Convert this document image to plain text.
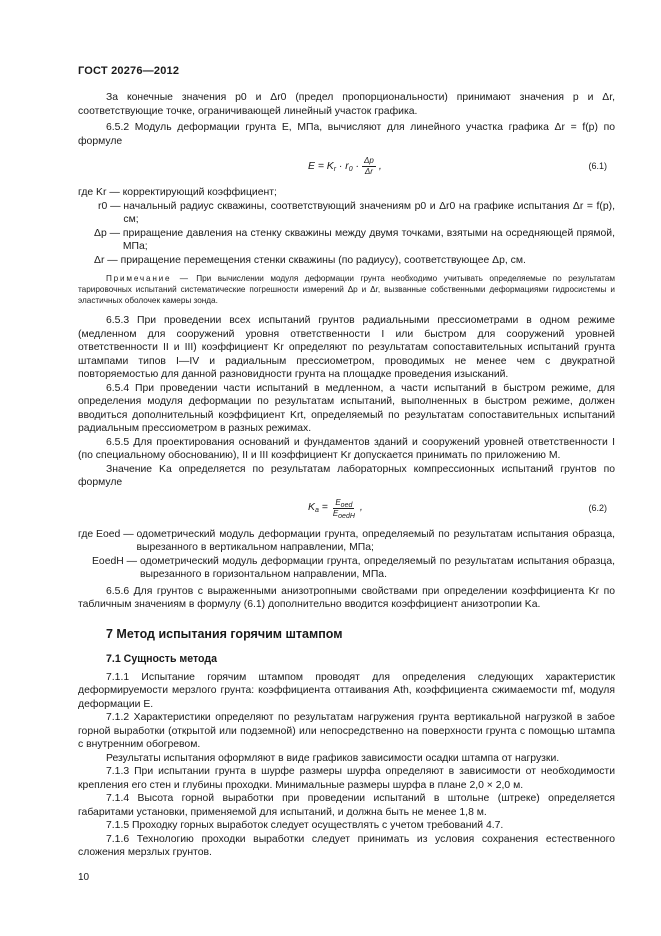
ГОСТ 20276—2012

За конечные значения p0 и Δr0 (предел пропорциональности) принимают значения p и Δr, соответствующие точке, ограничивающей линейный участок графика.

6.5.2 Модуль деформации грунта E, МПа, вычисляют для линейного участка графика Δr = f(p) по формуле

$E = K_r \cdot r_0 \cdot \frac{\Delta p}{\Delta r}$ ,	(6.1)
где Kr —
корректирующий коэффициент;
r0 —
начальный радиус скважины, соответствующий значениям p0 и Δr0 на графике испытания Δr = f(p), см;
Δp —
приращение давления на стенку скважины между двумя точками, взятыми на осредняющей прямой, МПа;
Δr —
приращение перемещения стенки скважины (по радиусу), соответствующее Δp, см.

Примечание — При вычислении модуля деформации грунта необходимо учитывать определяемые по результатам тарировочных испытаний систематические погрешности измерений Δp и Δr, вызванные собственными деформациями гидросистемы и эластичных оболочек камеры зонда.

6.5.3 При проведении всех испытаний грунтов радиальными прессиометрами в одном режиме (медленном для сооружений уровня ответственности I или быстром для сооружений уровней ответственности II и III) коэффициент Kr определяют по результатам сопоставительных испытаний грунта штампами типов I—IV и радиальным прессиометром, проводимых не менее чем с двукратной повторяемостью для данной разновидности грунта на площадке проведения изысканий.

6.5.4 При проведении части испытаний в медленном, а части испытаний в быстром режиме, для определения модуля деформации по результатам испытаний, выполненных в быстром режиме, должен вводиться дополнительный коэффициент Krt, определяемый по результатам сопоставительных испытаний радиальным прессиометром в разных режимах.

6.5.5 Для проектирования оснований и фундаментов зданий и сооружений уровней ответственности I (по специальному обоснованию), II и III коэффициент Kr допускается принимать по приложению М.

Значение Ka определяется по результатам лабораторных компрессионных испытаний грунтов по формуле

$K_a = \frac{E_{oed}}{E_{oedH}}$ ,	(6.2)
где Eoed —
одометрический модуль деформации грунта, определяемый по результатам испытания образца, вырезанного в вертикальном направлении, МПа;
EoedH —
одометрический модуль деформации грунта, определяемый по результатам испытания образца, вырезанного в горизонтальном направлении, МПа.

6.5.6 Для грунтов с выраженными анизотропными свойствами при определении коэффициента Kr по табличным значениям в формулу (6.1) дополнительно вводится коэффициент анизотропии Ka.

7 Метод испытания горячим штампом
7.1 Сущность метода

7.1.1 Испытание горячим штампом проводят для определения следующих характеристик деформируемости мерзлого грунта: коэффициента оттаивания Ath, коэффициента сжимаемости mf, модуля деформации E.

7.1.2 Характеристики определяют по результатам нагружения грунта вертикальной нагрузкой в забое горной выработки (открытой или подземной) или непосредственно на поверхности грунта с помощью штампа с внутренним обогревом.

Результаты испытания оформляют в виде графиков зависимости осадки штампа от нагрузки.

7.1.3 При испытании грунта в шурфе размеры шурфа определяют в зависимости от необходимости крепления его стен и глубины проходки. Минимальные размеры шурфа в плане 2,0 × 2,0 м.

7.1.4 Высота горной выработки при проведении испытаний в штольне (штреке) определяется габаритами установки, применяемой для испытаний, и должна быть не менее 1,8 м.

7.1.5 Проходку горных выработок следует осуществлять с учетом требований 4.7.

7.1.6 Технологию проходки выработки следует принимать из условия сохранения естественного сложения мерзлых грунтов.

10
